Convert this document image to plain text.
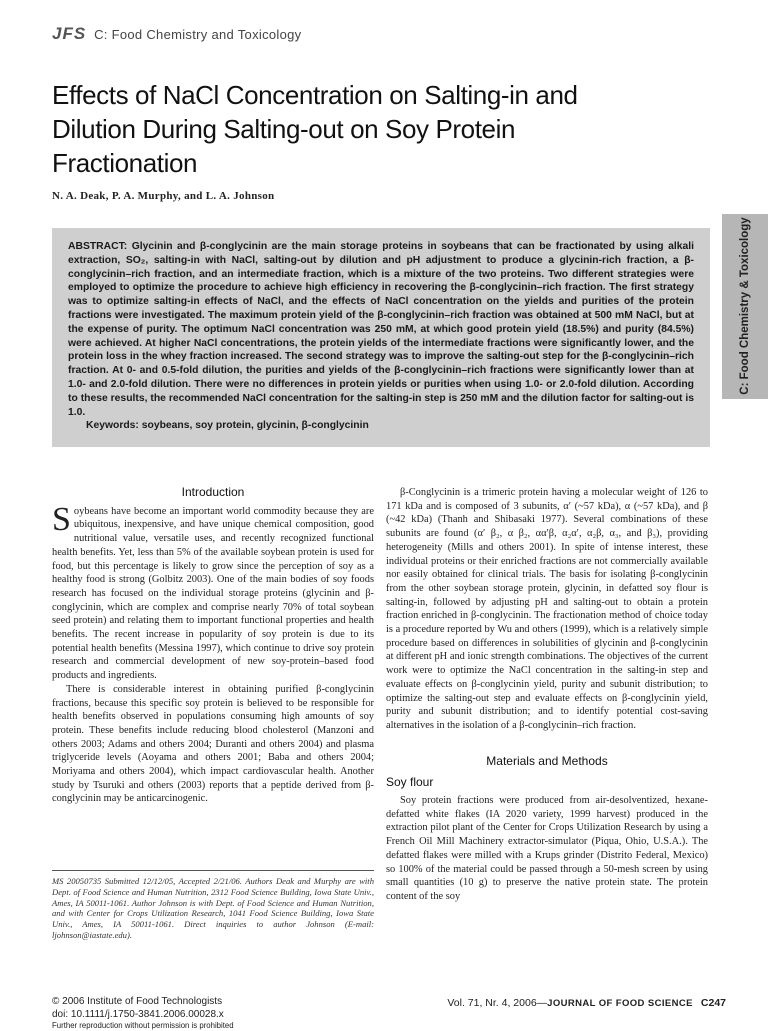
JFS C: Food Chemistry and Toxicology
Effects of NaCl Concentration on Salting-in and Dilution During Salting-out on Soy Protein Fractionation
N. A. Deak, P. A. Murphy, and L. A. Johnson
C: Food Chemistry & Toxicology
ABSTRACT: Glycinin and β-conglycinin are the main storage proteins in soybeans that can be fractionated by using alkali extraction, SO₂, salting-in with NaCl, salting-out by dilution and pH adjustment to produce a glycinin-rich fraction, a β-conglycinin–rich fraction, and an intermediate fraction, which is a mixture of the two proteins. Two different strategies were employed to optimize the procedure to achieve high efficiency in recovering the β-conglycinin–rich fraction. The first strategy was to optimize salting-in effects of NaCl, and the effects of NaCl concentration on the yields and purities of the protein fractions were investigated. The maximum protein yield of the β-conglycinin–rich fraction was obtained at 500 mM NaCl, but at the expense of purity. The optimum NaCl concentration was 250 mM, at which good protein yield (18.5%) and purity (84.5%) were achieved. At higher NaCl concentrations, the protein yields of the intermediate fractions were significantly lower, and the protein loss in the whey fraction increased. The second strategy was to improve the salting-out step for the β-conglycinin–rich fraction. At 0- and 0.5-fold dilution, the purities and yields of the β-conglycinin–rich fractions were significantly lower than at 1.0- and 2.0-fold dilution. There were no differences in protein yields or purities when using 1.0- or 2.0-fold dilution. According to these results, the recommended NaCl concentration for the salting-in step is 250 mM and the dilution factor for salting-out is 1.0.
Keywords: soybeans, soy protein, glycinin, β-conglycinin
Introduction

Soybeans have become an important world commodity because they are ubiquitous, inexpensive, and have unique chemical composition, good nutritional value, versatile uses, and recently recognized functional health benefits. Yet, less than 5% of the available soybean protein is used for food, but this percentage is likely to grow since the perception of soy as a healthy food is strong (Golbitz 2003). One of the main bodies of soy foods research has focused on the individual storage proteins (glycinin and β-conglycinin, which are complex and comprise nearly 70% of total soybean seed protein) and relating them to important functional properties and health benefits. The recent increase in popularity of soy protein is due to its potential health benefits (Messina 1997), which continue to drive soy protein research and commercial development of new soy-protein–based food products and ingredients.

There is considerable interest in obtaining purified β-conglycinin fractions, because this specific soy protein is believed to be responsible for health benefits observed in populations consuming high amounts of soy protein. These benefits include reducing blood cholesterol (Manzoni and others 2003; Adams and others 2004; Duranti and others 2004) and plasma triglyceride levels (Aoyama and others 2001; Baba and others 2004; Moriyama and others 2004), which impact cardiovascular health. Another study by Tsuruki and others (2003) reports that a peptide derived from β-conglycinin may be anticarcinogenic.

MS 20050735 Submitted 12/12/05, Accepted 2/21/06. Authors Deak and Murphy are with Dept. of Food Science and Human Nutrition, 2312 Food Science Building, Iowa State Univ., Ames, IA 50011-1061. Author Johnson is with Dept. of Food Science and Human Nutrition, and with Center for Crops Utilization Research, 1041 Food Science Building, Iowa State Univ., Ames, IA 50011-1061. Direct inquiries to author Johnson (E-mail: ljohnson@iastate.edu).

β-Conglycinin is a trimeric protein having a molecular weight of 126 to 171 kDa and is composed of 3 subunits, α′ (~57 kDa), α (~57 kDa), and β (~42 kDa) (Thanh and Shibasaki 1977). Several combinations of these subunits are found (α′ β₂, α β₂, αα′β, α₂α′, α₂β, α₃, and β₃), providing heterogeneity (Mills and others 2001). In spite of intense interest, these individual proteins or their enriched fractions are not commercially available nor easily obtained for clinical trials. The basis for isolating β-conglycinin from the other soybean storage protein, glycinin, in defatted soy flour is salting-in, followed by adjusting pH and salting-out to obtain a protein fraction enriched in β-conglycinin. The fractionation method of choice today is a procedure reported by Wu and others (1999), which is a relatively simple procedure based on differences in solubilities of glycinin and β-conglycinin at different pH and ionic strength combinations. The objectives of the current work were to optimize the NaCl concentration in the salting-in step and evaluate effects on β-conglycinin yield, purity and subunit distribution; to optimize the salting-out step and evaluate effects on β-conglycinin yield, purity and subunit distribution; and to identify potential cost-saving alternatives in the isolation of a β-conglycinin–rich fraction.

Materials and Methods
Soy flour

Soy protein fractions were produced from air-desolventized, hexane-defatted white flakes (IA 2020 variety, 1999 harvest) produced in the extraction pilot plant of the Center for Crops Utilization Research by using a French Oil Mill Machinery extractor-simulator (Piqua, Ohio, U.S.A.). The defatted flakes were milled with a Krups grinder (Distrito Federal, Mexico) so 100% of the material could be passed through a 50-mesh screen by using small quantities (10 g) to preserve the native protein state. The protein content of the soy

© 2006 Institute of Food Technologists
doi: 10.1111/j.1750-3841.2006.00028.x
Further reproduction without permission is prohibited
Vol. 71, Nr. 4, 2006—JOURNAL OF FOOD SCIENCE C247
